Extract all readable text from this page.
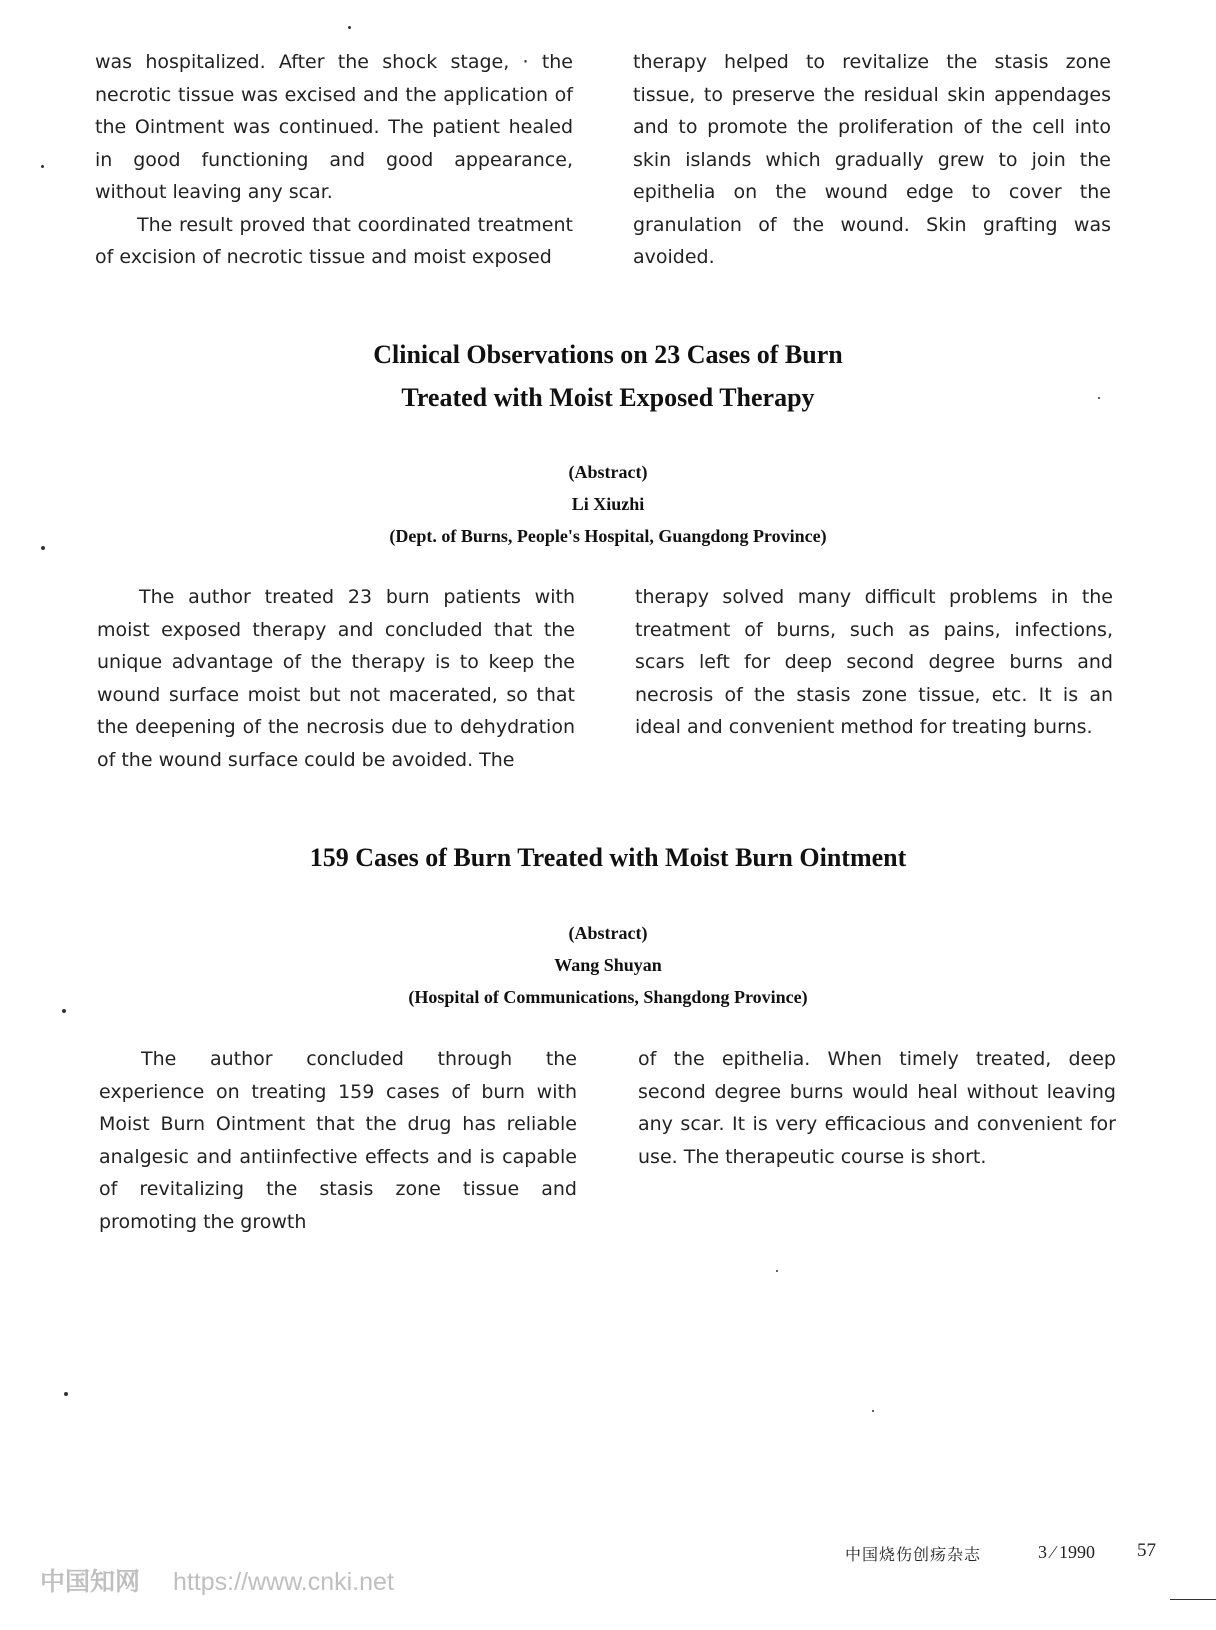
was hospitalized. After the shock stage, · the necrotic tissue was excised and the application of the Ointment was continued. The patient healed in good functioning and good appearance, without leaving any scar.

The result proved that coordinated treatment of excision of necrotic tissue and moist exposed

therapy helped to revitalize the stasis zone tissue, to preserve the residual skin appendages and to promote the proliferation of the cell into skin islands which gradually grew to join the epithelia on the wound edge to cover the granulation of the wound. Skin grafting was avoided.

Clinical Observations on 23 Cases of Burn
Treated with Moist Exposed Therapy
(Abstract)
Li Xiuzhi
(Dept. of Burns, People's Hospital, Guangdong Province)

The author treated 23 burn patients with moist exposed therapy and concluded that the unique advantage of the therapy is to keep the wound surface moist but not macerated, so that the deepening of the necrosis due to dehydration of the wound surface could be avoided. The

therapy solved many difficult problems in the treatment of burns, such as pains, infections, scars left for deep second degree burns and necrosis of the stasis zone tissue, etc. It is an ideal and convenient method for treating burns.

159 Cases of Burn Treated with Moist Burn Ointment
(Abstract)
Wang Shuyan
(Hospital of Communications, Shangdong Province)

The author concluded through the experience on treating 159 cases of burn with Moist Burn Ointment that the drug has reliable analgesic and antiinfective effects and is capable of revitalizing the stasis zone tissue and promoting the growth

of the epithelia. When timely treated, deep second degree burns would heal without leaving any scar. It is very efficacious and convenient for use. The therapeutic course is short.

中国烧伤创疡杂志	3 ⁄ 1990 57
中国知网 https://www.cnki.net
